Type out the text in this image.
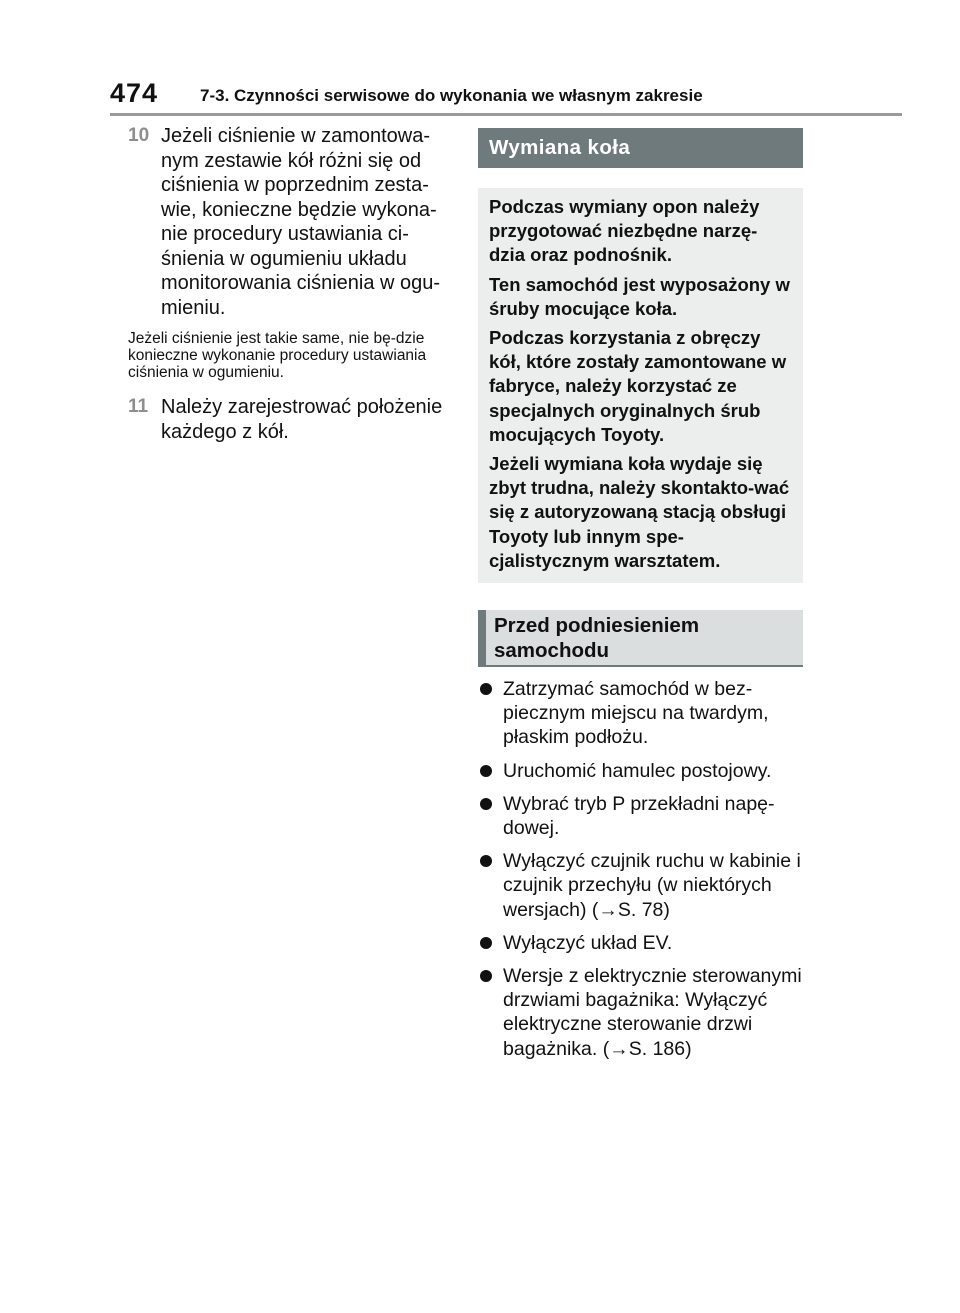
474 7-3. Czynności serwisowe do wykonania we własnym zakresie
10 Jeżeli ciśnienie w zamontowa-nym zestawie kół różni się od ciśnienia w poprzednim zesta-wie, konieczne będzie wykona-nie procedury ustawiania ci-śnienia w ogumieniu układu monitorowania ciśnienia w ogu-mieniu.

Jeżeli ciśnienie jest takie same, nie bę-dzie konieczne wykonanie procedury ustawiania ciśnienia w ogumieniu.

11 Należy zarejestrować położenie każdego z kół.
Wymiana koła

Podczas wymiany opon należy przygotować niezbędne narzę-dzia oraz podnośnik.

Ten samochód jest wyposażony w śruby mocujące koła.

Podczas korzystania z obręczy kół, które zostały zamontowane w fabryce, należy korzystać ze specjalnych oryginalnych śrub mocujących Toyoty.

Jeżeli wymiana koła wydaje się zbyt trudna, należy skontakto-wać się z autoryzowaną stacją obsługi Toyoty lub innym spe-cjalistycznym warsztatem.

Przed podniesieniem samochodu
Zatrzymać samochód w bez-piecznym miejscu na twardym, płaskim podłożu.
Uruchomić hamulec postojowy.
Wybrać tryb P przekładni napę-dowej.
Wyłączyć czujnik ruchu w kabinie i czujnik przechyłu (w niektórych wersjach) (→S. 78)
Wyłączyć układ EV.
Wersje z elektrycznie sterowanymi drzwiami bagażnika: Wyłączyć elektryczne sterowanie drzwi bagażnika. (→S. 186)
